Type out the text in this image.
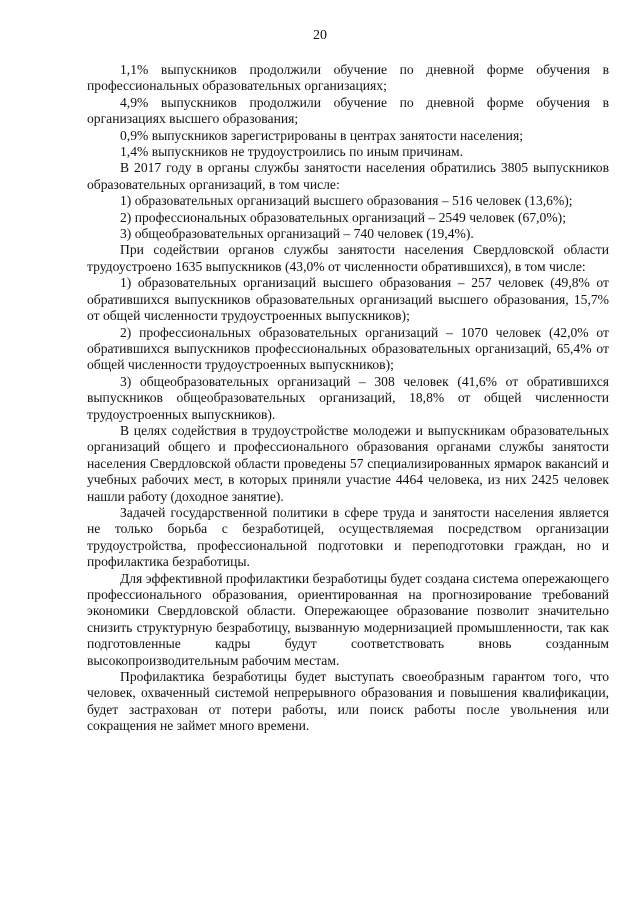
20

1,1% выпускников продолжили обучение по дневной форме обучения в профессиональных образовательных организациях;

4,9% выпускников продолжили обучение по дневной форме обучения в организациях высшего образования;

0,9% выпускников зарегистрированы в центрах занятости населения;

1,4% выпускников не трудоустроились по иным причинам.

В 2017 году в органы службы занятости населения обратились 3805 выпускников образовательных организаций, в том числе:

1) образовательных организаций высшего образования – 516 человек (13,6%);

2) профессиональных образовательных организаций – 2549 человек (67,0%);

3) общеобразовательных организаций – 740 человек (19,4%).

При содействии органов службы занятости населения Свердловской области трудоустроено 1635 выпускников (43,0% от численности обратившихся), в том числе:

1) образовательных организаций высшего образования – 257 человек (49,8% от обратившихся выпускников образовательных организаций высшего образования, 15,7% от общей численности трудоустроенных выпускников);

2) профессиональных образовательных организаций – 1070 человек (42,0% от обратившихся выпускников профессиональных образовательных организаций, 65,4% от общей численности трудоустроенных выпускников);

3) общеобразовательных организаций – 308 человек (41,6% от обратившихся выпускников общеобразовательных организаций, 18,8% от общей численности трудоустроенных выпускников).

В целях содействия в трудоустройстве молодежи и выпускникам образовательных организаций общего и профессионального образования органами службы занятости населения Свердловской области проведены 57 специализированных ярмарок вакансий и учебных рабочих мест, в которых приняли участие 4464 человека, из них 2425 человек нашли работу (доходное занятие).

Задачей государственной политики в сфере труда и занятости населения является не только борьба с безработицей, осуществляемая посредством организации трудоустройства, профессиональной подготовки и переподготовки граждан, но и профилактика безработицы.

Для эффективной профилактики безработицы будет создана система опережающего профессионального образования, ориентированная на прогнозирование требований экономики Свердловской области. Опережающее образование позволит значительно снизить структурную безработицу, вызванную модернизацией промышленности, так как подготовленные кадры будут соответствовать вновь созданным высокопроизводительным рабочим местам.

Профилактика безработицы будет выступать своеобразным гарантом того, что человек, охваченный системой непрерывного образования и повышения квалификации, будет застрахован от потери работы, или поиск работы после увольнения или сокращения не займет много времени.
